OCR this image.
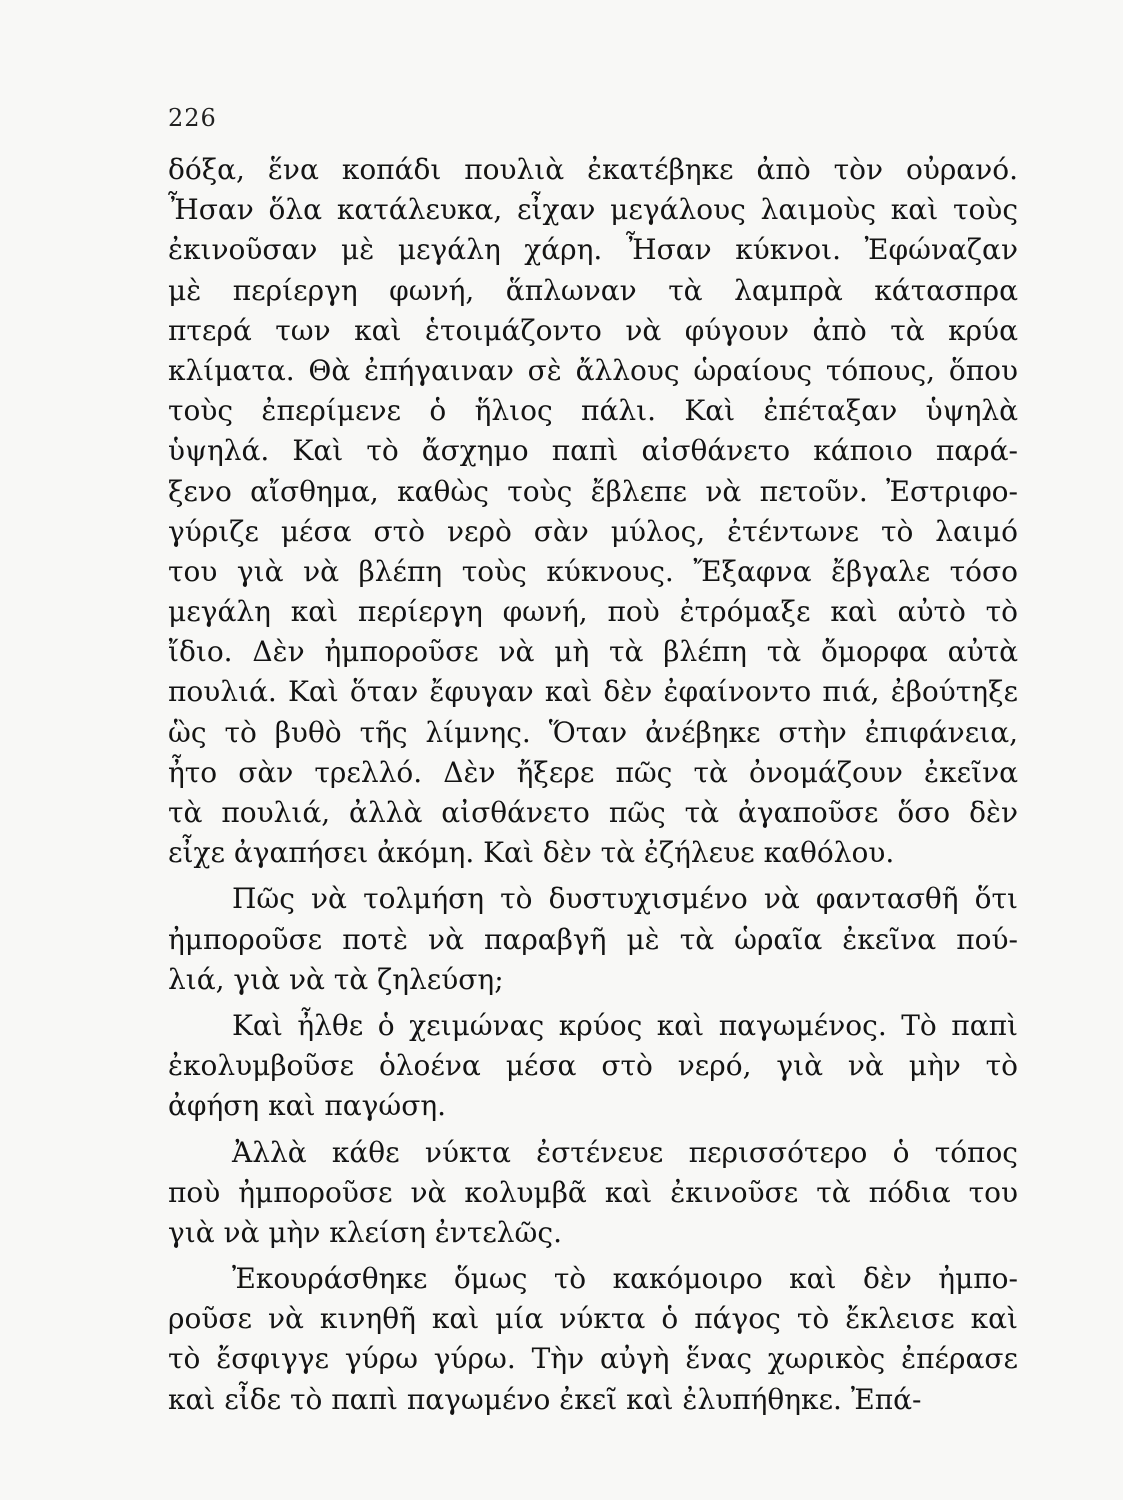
226
δόξα, ἕνα κοπάδι πουλιὰ ἐκατέβηκε ἀπὸ τὸν οὐρανό.
Ἦσαν ὅλα κατάλευκα, εἶχαν μεγάλους λαιμοὺς καὶ τοὺς
ἐκινοῦσαν μὲ μεγάλη χάρη. Ἦσαν κύκνοι. Ἐφώναζαν
μὲ περίεργη φωνή, ἅπλωναν τὰ λαμπρὰ κάτασπρα
πτερά των καὶ ἑτοιμάζοντο νὰ φύγουν ἀπὸ τὰ κρύα
κλίματα. Θὰ ἐπήγαιναν σὲ ἄλλους ὡραίους τόπους, ὅπου
τοὺς ἐπερίμενε ὁ ἥλιος πάλι. Καὶ ἐπέταξαν ὑψηλὰ
ὑψηλά. Καὶ τὸ ἄσχημο παπὶ αἰσθάνετο κάποιο παρά-
ξενο αἴσθημα, καθὼς τοὺς ἔβλεπε νὰ πετοῦν. Ἐστριφο-
γύριζε μέσα στὸ νερὸ σὰν μύλος, ἐτέντωνε τὸ λαιμό
του γιὰ νὰ βλέπη τοὺς κύκνους. Ἔξαφνα ἔβγαλε τόσο
μεγάλη καὶ περίεργη φωνή, ποὺ ἐτρόμαξε καὶ αὐτὸ τὸ
ἴδιο. Δὲν ἠμποροῦσε νὰ μὴ τὰ βλέπη τὰ ὄμορφα αὐτὰ
πουλιά. Καὶ ὅταν ἔφυγαν καὶ δὲν ἐφαίνοντο πιά, ἐβούτηξε
ὣς τὸ βυθὸ τῆς λίμνης. Ὅταν ἀνέβηκε στὴν ἐπιφάνεια,
ἦτο σὰν τρελλό. Δὲν ἤξερε πῶς τὰ ὀνομάζουν ἐκεῖνα
τὰ πουλιά, ἀλλὰ αἰσθάνετο πῶς τὰ ἀγαποῦσε ὅσο δὲν
εἶχε ἀγαπήσει ἀκόμη. Καὶ δὲν τὰ ἐζήλευε καθόλου.
Πῶς νὰ τολμήση τὸ δυστυχισμένο νὰ φαντασθῆ ὅτι
ἠμποροῦσε ποτὲ νὰ παραβγῆ μὲ τὰ ὡραῖα ἐκεῖνα πού-
λιά, γιὰ νὰ τὰ ζηλεύση;
Καὶ ἦλθε ὁ χειμώνας κρύος καὶ παγωμένος. Τὸ παπὶ
ἐκολυμβοῦσε ὁλοένα μέσα στὸ νερό, γιὰ νὰ μὴν τὸ
ἀφήση καὶ παγώση.
Ἀλλὰ κάθε νύκτα ἐστένευε περισσότερο ὁ τόπος
ποὺ ἠμποροῦσε νὰ κολυμβᾶ καὶ ἐκινοῦσε τὰ πόδια του
γιὰ νὰ μὴν κλείση ἐντελῶς.
Ἐκουράσθηκε ὅμως τὸ κακόμοιρο καὶ δὲν ἠμπο-
ροῦσε νὰ κινηθῆ καὶ μία νύκτα ὁ πάγος τὸ ἔκλεισε καὶ
τὸ ἔσφιγγε γύρω γύρω. Τὴν αὐγὴ ἕνας χωρικὸς ἐπέρασε
καὶ εἶδε τὸ παπὶ παγωμένο ἐκεῖ καὶ ἐλυπήθηκε. Ἐπά-
